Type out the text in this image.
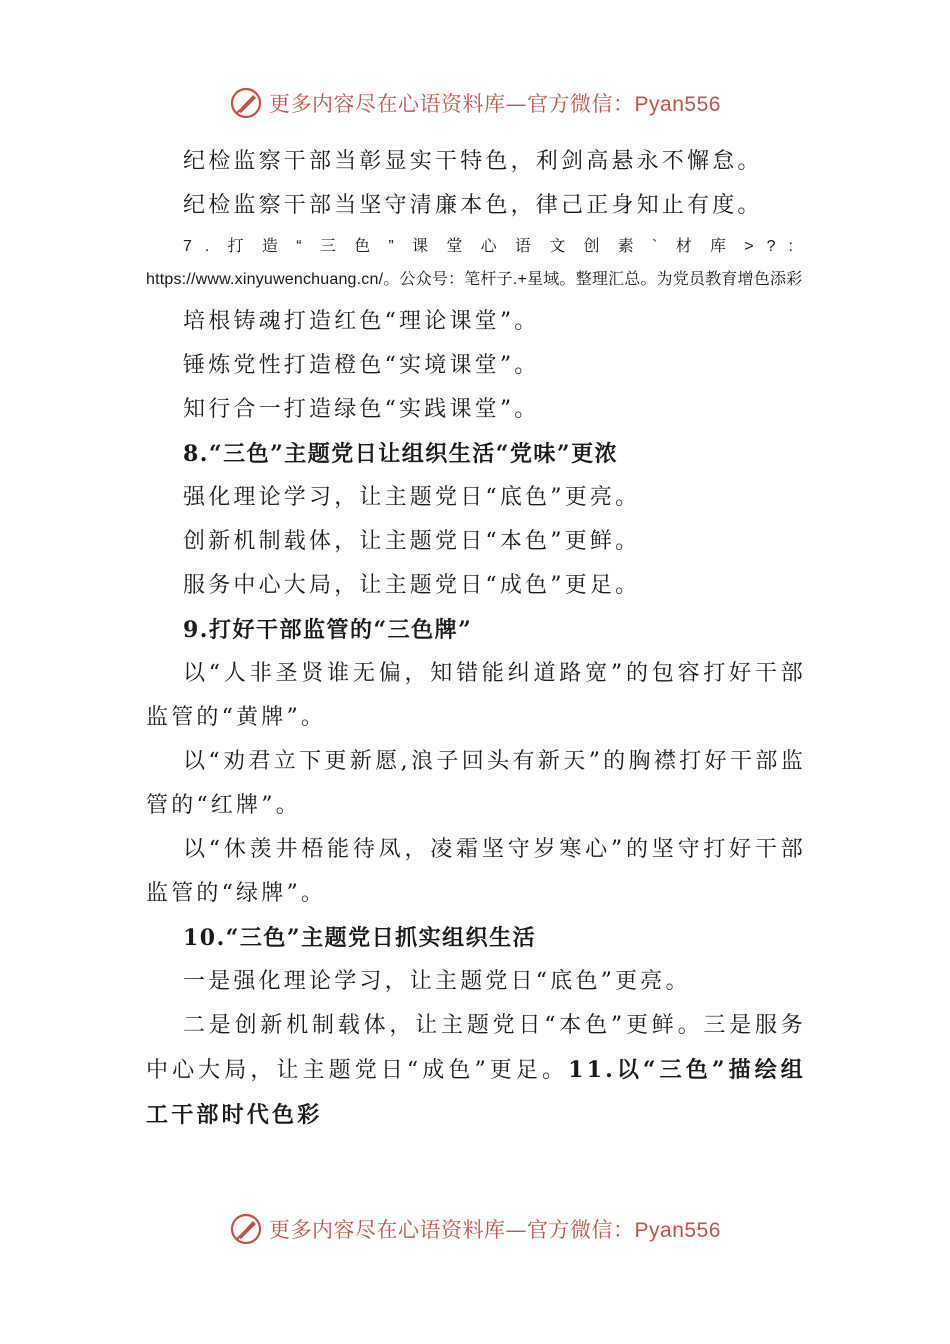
更多内容尽在心语资料库—官方微信：Pyan556

纪检监察干部当彰显实干特色，利剑高悬永不懈怠。

纪检监察干部当坚守清廉本色，律己正身知止有度。

7.打造“三色”课堂心语文创素`材库>?: https://www.xinyuwenchuang.cn/。公众号：笔杆子.+星域。整理汇总。为党员教育增色添彩

培根铸魂打造红色“理论课堂”。

锤炼党性打造橙色“实境课堂”。

知行合一打造绿色“实践课堂”。

8.“三色”主题党日让组织生活“党味”更浓

强化理论学习，让主题党日“底色”更亮。

创新机制载体，让主题党日“本色”更鲜。

服务中心大局，让主题党日“成色”更足。

9.打好干部监管的“三色牌”

以“人非圣贤谁无偏，知错能纠道路宽”的包容打好干部监管的“黄牌”。

以“劝君立下更新愿,浪子回头有新天”的胸襟打好干部监管的“红牌”。

以“休羡井梧能待凤，凌霜坚守岁寒心”的坚守打好干部监管的“绿牌”。

10.“三色”主题党日抓实组织生活

一是强化理论学习，让主题党日“底色”更亮。

二是创新机制载体，让主题党日“本色”更鲜。三是服务中心大局，让主题党日“成色”更足。11.以“三色”描绘组工干部时代色彩

更多内容尽在心语资料库—官方微信：Pyan556
